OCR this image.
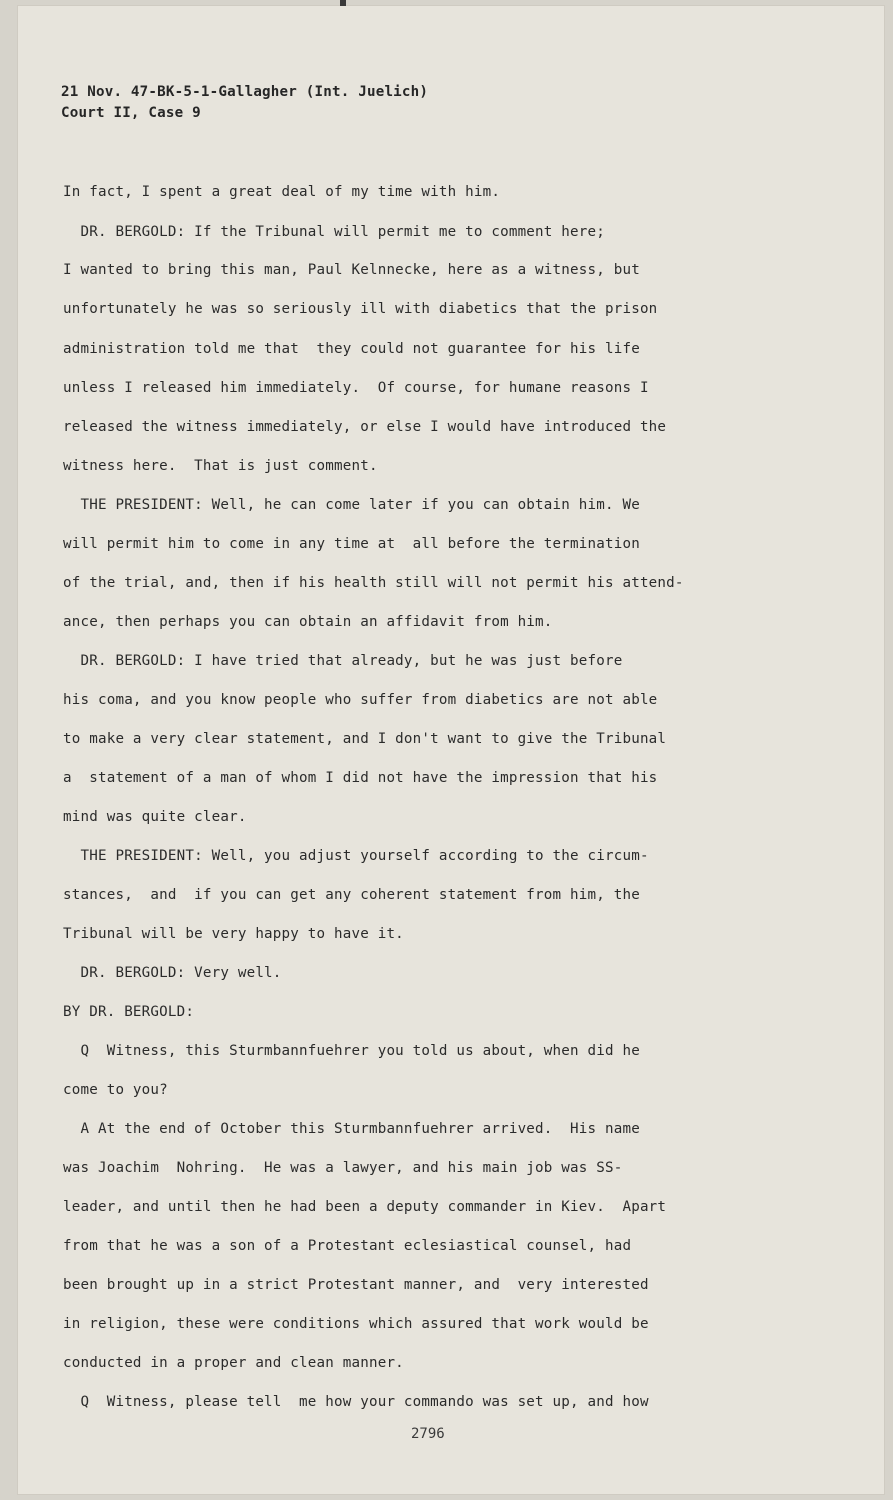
21 Nov. 47-BK-5-1-Gallagher (Int. Juelich)
Court II, Case 9
In fact, I spent a great deal of my time with him.
DR. BERGOLD: If the Tribunal will permit me to comment here;
I wanted to bring this man, Paul Kelnnecke, here as a witness, but
unfortunately he was so seriously ill with diabetics that the prison
administration told me that  they could not guarantee for his life
unless I released him immediately.  Of course, for humane reasons I
released the witness immediately, or else I would have introduced the
witness here.  That is just comment.
THE PRESIDENT: Well, he can come later if you can obtain him. We
will permit him to come in any time at  all before the termination
of the trial, and, then if his health still will not permit his attend-
ance, then perhaps you can obtain an affidavit from him.
DR. BERGOLD: I have tried that already, but he was just before
his coma, and you know people who suffer from diabetics are not able
to make a very clear statement, and I don't want to give the Tribunal
a  statement of a man of whom I did not have the impression that his
mind was quite clear.
THE PRESIDENT: Well, you adjust yourself according to the circum-
stances,  and  if you can get any coherent statement from him, the
Tribunal will be very happy to have it.
DR. BERGOLD: Very well.
BY DR. BERGOLD:
Q  Witness, this Sturmbannfuehrer you told us about, when did he
come to you?
A At the end of October this Sturmbannfuehrer arrived.  His name
was Joachim  Nohring.  He was a lawyer, and his main job was SS-
leader, and until then he had been a deputy commander in Kiev.  Apart
from that he was a son of a Protestant eclesiastical counsel, had
been brought up in a strict Protestant manner, and  very interested
in religion, these were conditions which assured that work would be
conducted in a proper and clean manner.
Q  Witness, please tell  me how your commando was set up, and how
2796
